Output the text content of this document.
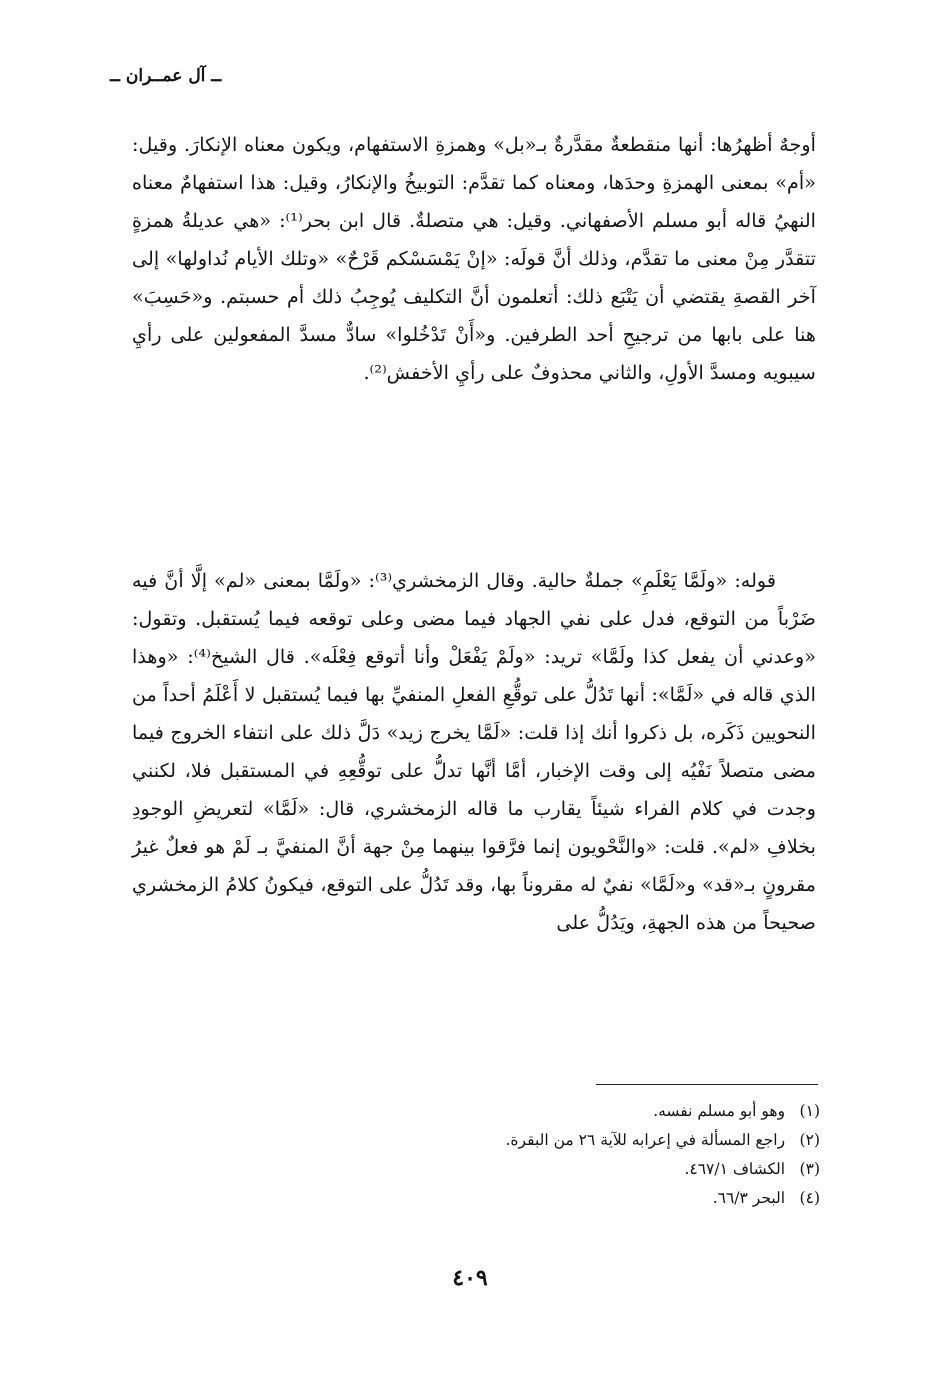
ــ آل عمــران ــ
أوجهٌ أظهرُها: أنها منقطعةٌ مقدَّرةٌ بـ«بل» وهمزةِ الاستفهام، ويكون معناه الإنكارَ. وقيل: «أم» بمعنى الهمزةِ وحدَها، ومعناه كما تقدَّم: التوبيخُ والإنكارُ، وقيل: هذا استفهامٌ معناه النهيُ قاله أبو مسلم الأصفهاني. وقيل: هي متصلةٌ. قال ابن بحر⁽¹⁾: «هي عديلةُ همزةٍ تتقدَّر مِنْ معنى ما تقدَّم، وذلك أنَّ قولَه: «إنْ يَمْسَسْكم قَرْحٌ» «وتلك الأيام نُداولها» إلى آخر القصةِ يقتضي أن يَتْبَع ذلك: أتعلمون أنَّ التكليف يُوجِبُ ذلك أم حسبتم. و«حَسِبَ» هنا على بابها من ترجيحِ أحد الطرفين. و«أَنْ تَدْخُلوا» سادٌّ مسدَّ المفعولين على رأيِ سيبويه ومسدَّ الأولِ، والثاني محذوفٌ على رأيِ الأخفش⁽²⁾.
قوله: «ولَمَّا يَعْلَمِ» جملةٌ حالية. وقال الزمخشري⁽³⁾: «ولَمَّا بمعنى «لم» إلَّا أنَّ فيه ضَرْباً من التوقع، فدل على نفي الجهاد فيما مضى وعلى توقعه فيما يُستقبل. وتقول: «وعدني أن يفعل كذا ولَمَّا» تريد: «ولَمْ يَفْعَلْ وأنا أتوقع فِعْلَه». قال الشيخ⁽⁴⁾: «وهذا الذي قاله في «لَمَّا»: أنها تَدُلُّ على توقُّعِ الفعلِ المنفيِّ بها فيما يُستقبل لا أَعْلَمُ أحداً من النحويين ذَكَره، بل ذكروا أنك إذا قلت: «لَمَّا يخرج زيد» دَلَّ ذلك على انتفاء الخروج فيما مضى متصلاً نَفْيُه إلى وقت الإخبار، أمَّا أنَّها تدلُّ على توقُّعِهِ في المستقبل فلا، لكنني وجدت في كلام الفراء شيئاً يقارب ما قاله الزمخشري، قال: «لَمَّا» لتعريضِ الوجودِ بخلافِ «لم». قلت: «والنَّحْويون إنما فرَّقوا بينهما مِنْ جهة أنَّ المنفيَّ بـ لَمْ هو فعلٌ غيرُ مقرونٍ بـ«قد» و«لَمَّا» نفيٌ له مقروناً بها، وقد تَدُلُّ على التوقع، فيكونُ كلامُ الزمخشري صحيحاً من هذه الجهةِ، ويَدُلُّ على
(١) وهو أبو مسلم نفسه.
(٢) راجع المسألة في إعرابه للآية ٢٦ من البقرة.
(٣) الكشاف ٤٦٧/١.
(٤) البحر ٦٦/٣.
٤٠٩
